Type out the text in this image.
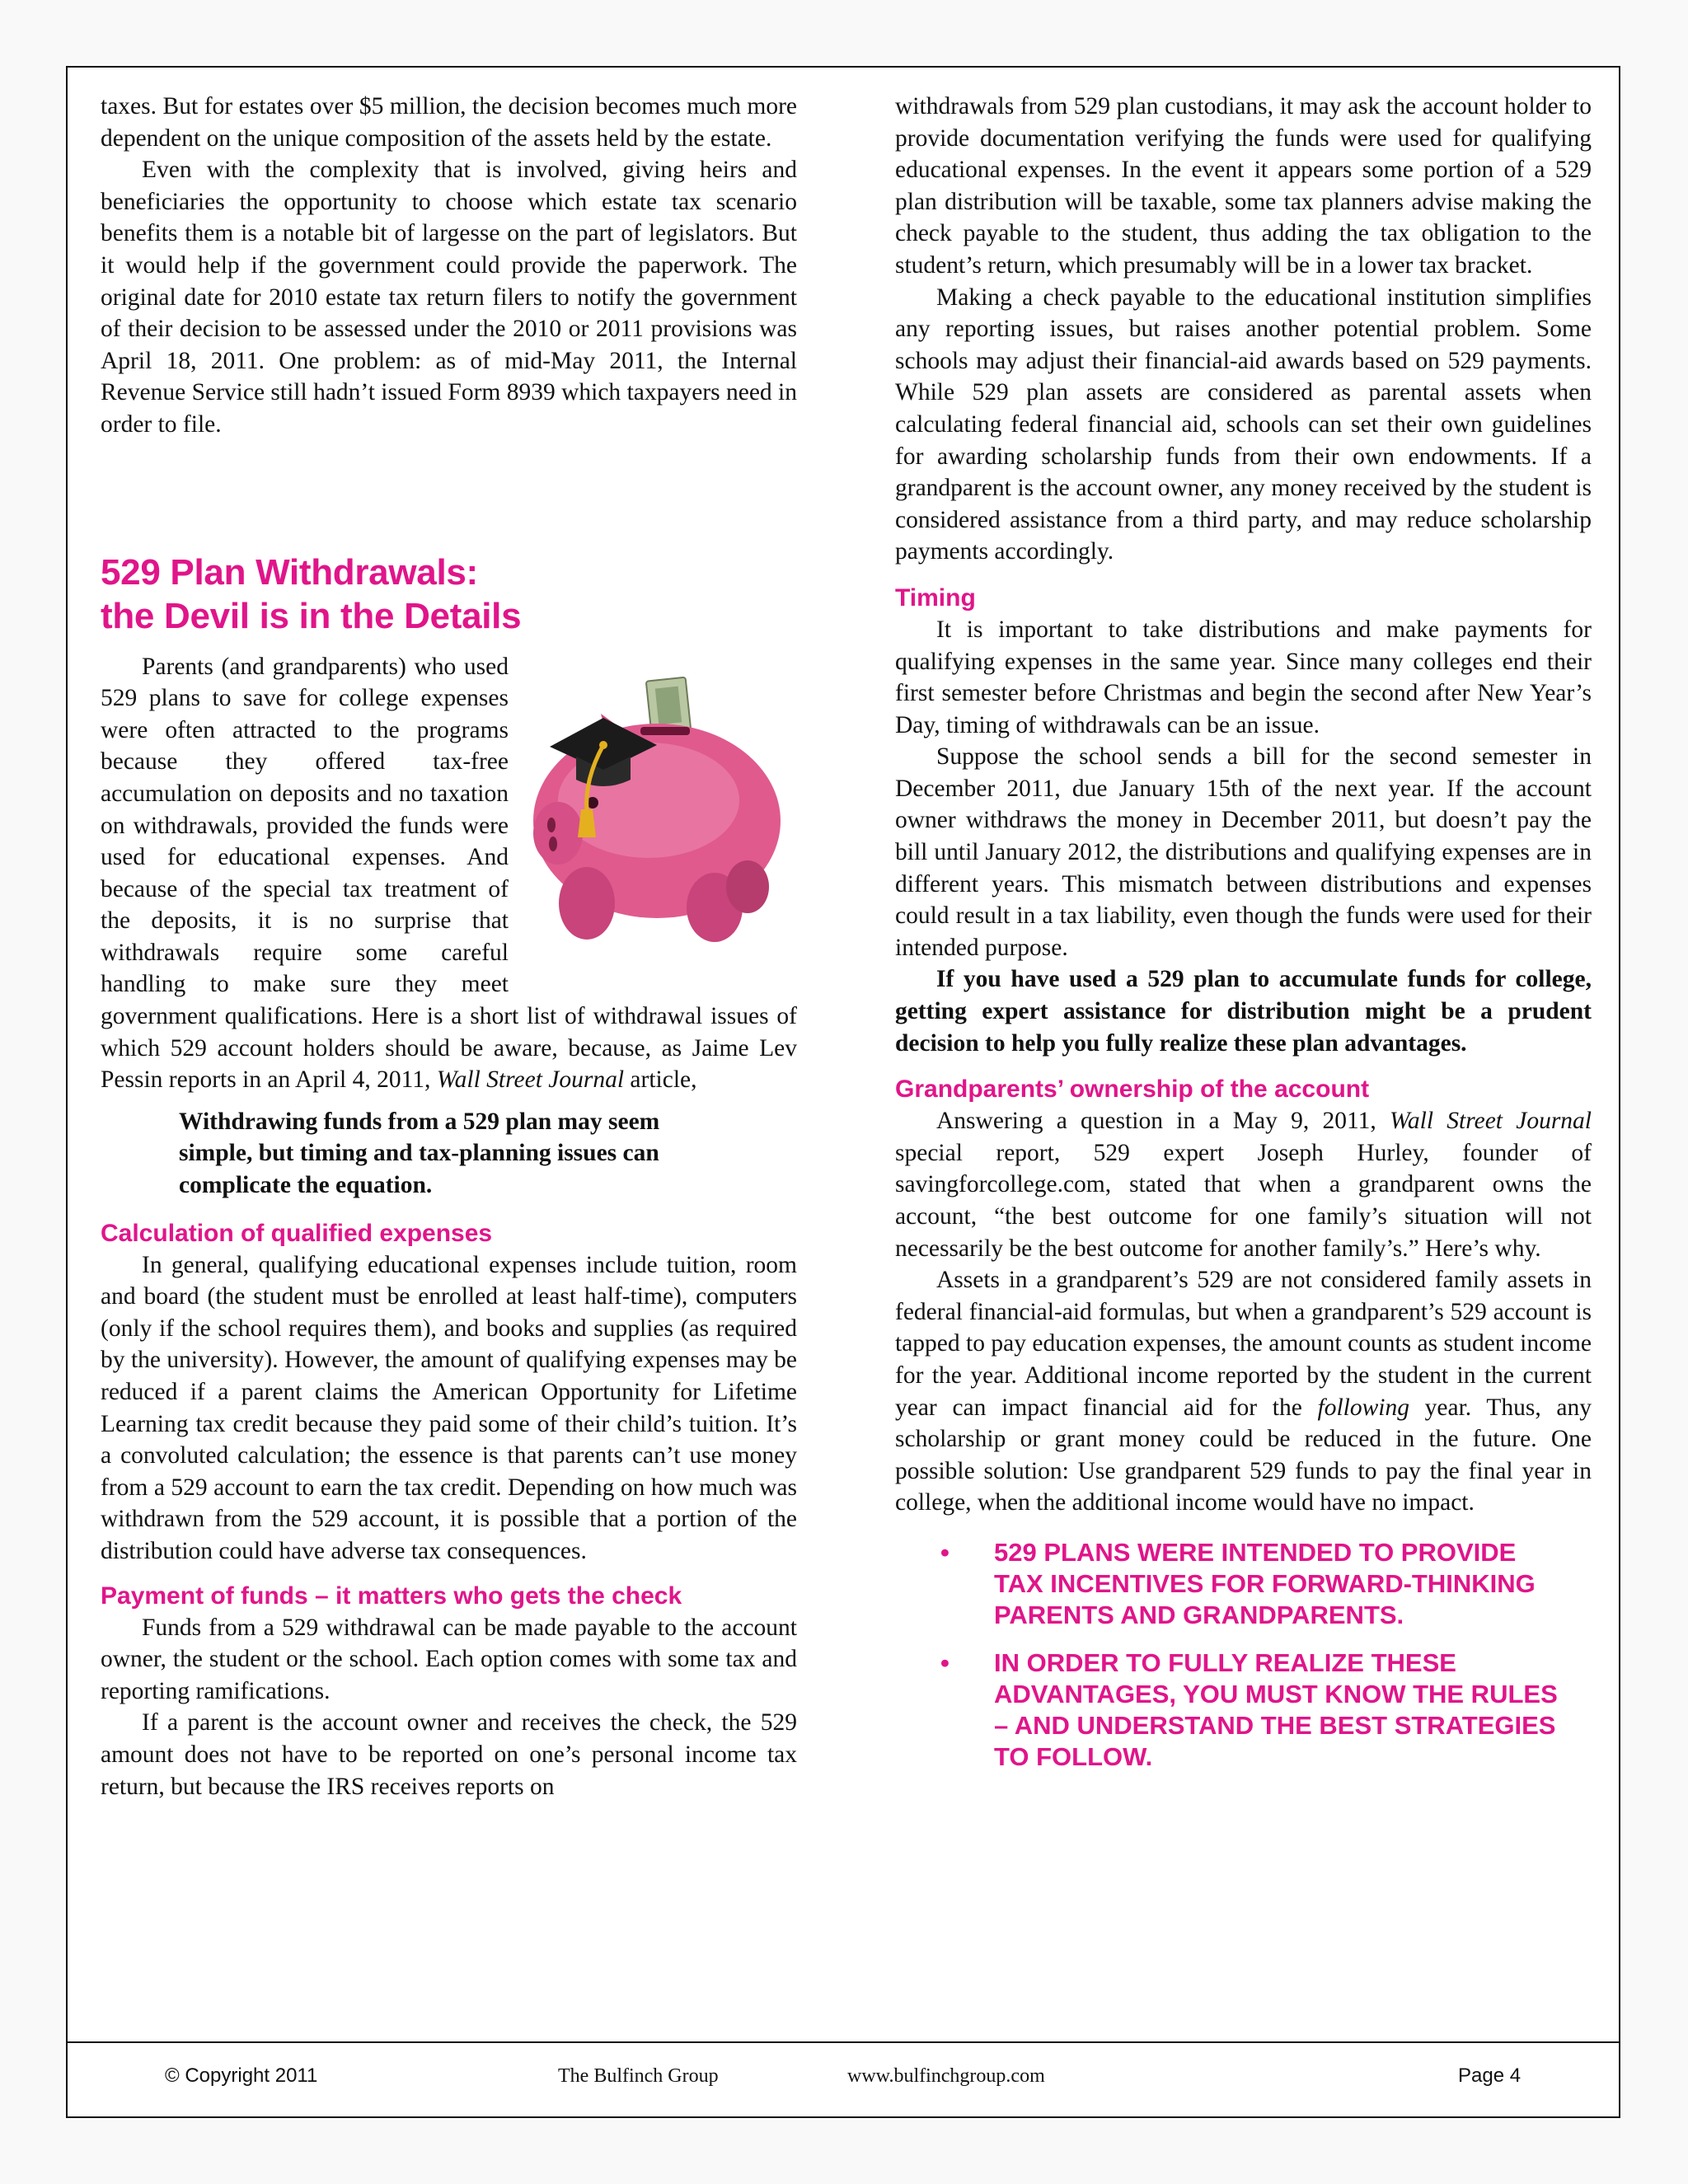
taxes. But for estates over $5 million, the decision becomes much more dependent on the unique composition of the assets held by the estate.

Even with the complexity that is involved, giving heirs and beneficiaries the opportunity to choose which estate tax scenario benefits them is a notable bit of largesse on the part of legislators. But it would help if the government could provide the paperwork. The original date for 2010 estate tax return filers to notify the government of their decision to be assessed under the 2010 or 2011 provisions was April 18, 2011. One problem: as of mid-May 2011, the Internal Revenue Service still hadn’t issued Form 8939 which taxpayers need in order to file.

529 Plan Withdrawals:
the Devil is in the Details

Parents (and grandparents) who used 529 plans to save for college expenses were often attracted to the programs because they offered tax-free accumulation on deposits and no taxation on withdrawals, provided the funds were used for educational expenses. And because of the special tax treatment of the deposits, it is no surprise that withdrawals require some careful handling to make sure they meet government qualifications. Here is a short list of withdrawal issues of which 529 account holders should be aware, because, as Jaime Lev Pessin reports in an April 4, 2011, Wall Street Journal article,

Withdrawing funds from a 529 plan may seem simple, but timing and tax-planning issues can complicate the equation.

Calculation of qualified expenses

In general, qualifying educational expenses include tuition, room and board (the student must be enrolled at least half-time), computers (only if the school requires them), and books and supplies (as required by the university). However, the amount of qualifying expenses may be reduced if a parent claims the American Opportunity for Lifetime Learning tax credit because they paid some of their child’s tuition. It’s a convoluted calculation; the essence is that parents can’t use money from a 529 account to earn the tax credit. Depending on how much was withdrawn from the 529 account, it is possible that a portion of the distribution could have adverse tax consequences.

Payment of funds – it matters who gets the check

Funds from a 529 withdrawal can be made payable to the account owner, the student or the school. Each option comes with some tax and reporting ramifications.

If a parent is the account owner and receives the check, the 529 amount does not have to be reported on one’s personal income tax return, but because the IRS receives reports on

withdrawals from 529 plan custodians, it may ask the account holder to provide documentation verifying the funds were used for qualifying educational expenses. In the event it appears some portion of a 529 plan distribution will be taxable, some tax planners advise making the check payable to the student, thus adding the tax obligation to the student’s return, which presumably will be in a lower tax bracket.

Making a check payable to the educational institution simplifies any reporting issues, but raises another potential problem. Some schools may adjust their financial-aid awards based on 529 payments. While 529 plan assets are considered as parental assets when calculating federal financial aid, schools can set their own guidelines for awarding scholarship funds from their own endowments. If a grandparent is the account owner, any money received by the student is considered assistance from a third party, and may reduce scholarship payments accordingly.

Timing

It is important to take distributions and make payments for qualifying expenses in the same year. Since many colleges end their first semester before Christmas and begin the second after New Year’s Day, timing of withdrawals can be an issue.

Suppose the school sends a bill for the second semester in December 2011, due January 15th of the next year. If the account owner withdraws the money in December 2011, but doesn’t pay the bill until January 2012, the distributions and qualifying expenses are in different years. This mismatch between distributions and expenses could result in a tax liability, even though the funds were used for their intended purpose.

If you have used a 529 plan to accumulate funds for college, getting expert assistance for distribution might be a prudent decision to help you fully realize these plan advantages.

Grandparents’ ownership of the account

Answering a question in a May 9, 2011, Wall Street Journal special report, 529 expert Joseph Hurley, founder of savingforcollege.com, stated that when a grandparent owns the account, “the best outcome for one family’s situation will not necessarily be the best outcome for another family’s.” Here’s why.

Assets in a grandparent’s 529 are not considered family assets in federal financial-aid formulas, but when a grandparent’s 529 account is tapped to pay education expenses, the amount counts as student income for the year. Additional income reported by the student in the current year can impact financial aid for the following year. Thus, any scholarship or grant money could be reduced in the future. One possible solution: Use grandparent 529 funds to pay the final year in college, when the additional income would have no impact.

• 529 PLANS WERE INTENDED TO PROVIDE TAX INCENTIVES FOR FORWARD-THINKING PARENTS AND GRANDPARENTS.
• IN ORDER TO FULLY REALIZE THESE ADVANTAGES, YOU MUST KNOW THE RULES – AND UNDERSTAND THE BEST STRATEGIES TO FOLLOW.
© Copyright 2011	The Bulfinch Group	www.bulfinchgroup.com	Page 4
